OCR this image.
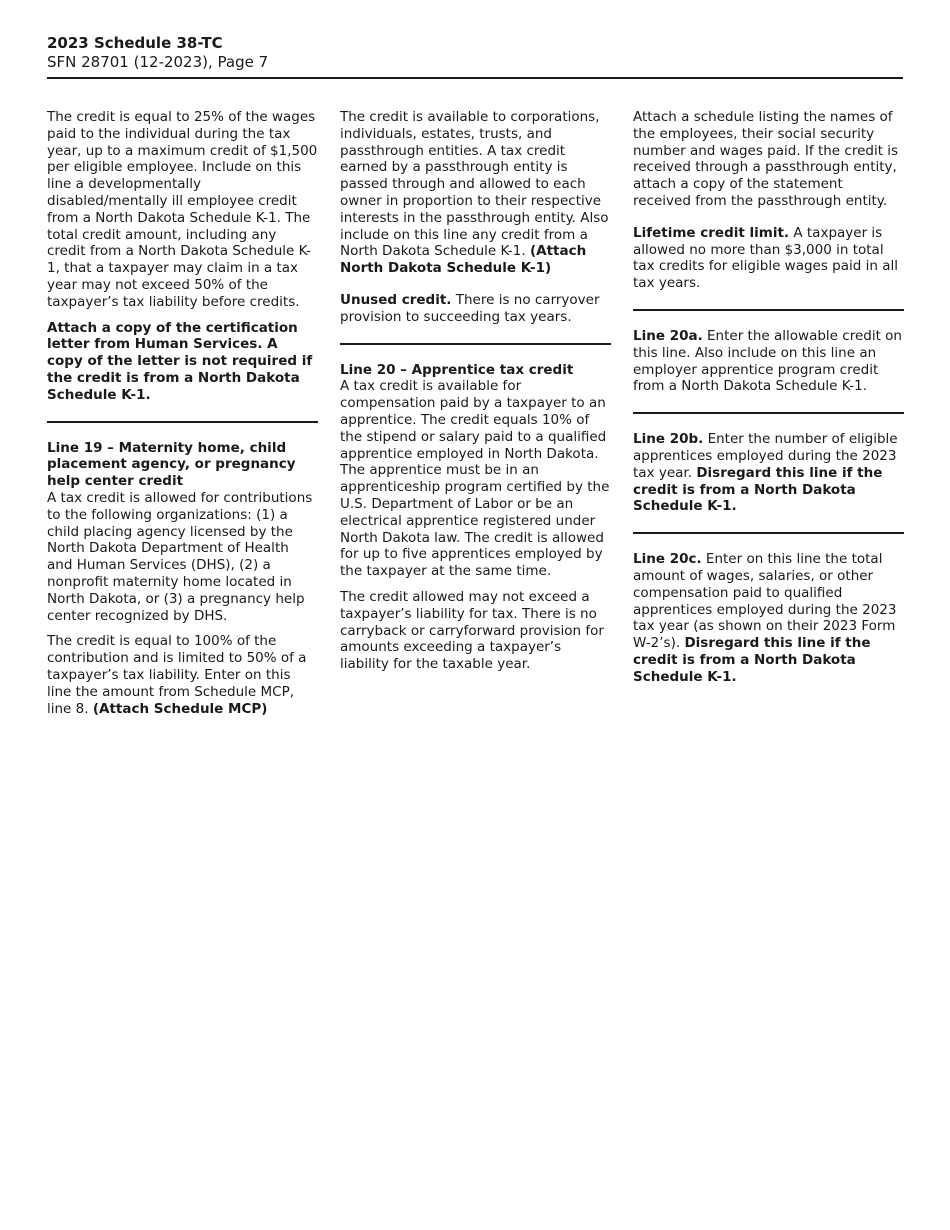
2023 Schedule 38-TC
SFN 28701 (12-2023), Page 7

The credit is equal to 25% of the wages paid to the individual during the tax year, up to a maximum credit of $1,500 per eligible employee. Include on this line a developmentally disabled/mentally ill employee credit from a North Dakota Schedule K-1. The total credit amount, including any credit from a North Dakota Schedule K-1, that a taxpayer may claim in a tax year may not exceed 50% of the taxpayer’s tax liability before credits.

Attach a copy of the certification letter from Human Services. A copy of the letter is not required if the credit is from a North Dakota Schedule K-1.

Line 19 – Maternity home, child placement agency, or pregnancy help center credit

A tax credit is allowed for contributions to the following organizations: (1) a child placing agency licensed by the North Dakota Department of Health and Human Services (DHS), (2) a nonprofit maternity home located in North Dakota, or (3) a pregnancy help center recognized by DHS.

The credit is equal to 100% of the contribution and is limited to 50% of a taxpayer’s tax liability. Enter on this line the amount from Schedule MCP, line 8. (Attach Schedule MCP)

The credit is available to corporations, individuals, estates, trusts, and passthrough entities. A tax credit earned by a passthrough entity is passed through and allowed to each owner in proportion to their respective interests in the passthrough entity. Also include on this line any credit from a North Dakota Schedule K-1. (Attach North Dakota Schedule K-1)

Unused credit. There is no carryover provision to succeeding tax years.

Line 20 – Apprentice tax credit

A tax credit is available for compensation paid by a taxpayer to an apprentice. The credit equals 10% of the stipend or salary paid to a qualified apprentice employed in North Dakota. The apprentice must be in an apprenticeship program certified by the U.S. Department of Labor or be an electrical apprentice registered under North Dakota law. The credit is allowed for up to five apprentices employed by the taxpayer at the same time.

The credit allowed may not exceed a taxpayer’s liability for tax. There is no carryback or carryforward provision for amounts exceeding a taxpayer’s liability for the taxable year.

Attach a schedule listing the names of the employees, their social security number and wages paid. If the credit is received through a passthrough entity, attach a copy of the statement received from the passthrough entity.

Lifetime credit limit. A taxpayer is allowed no more than $3,000 in total tax credits for eligible wages paid in all tax years.

Line 20a. Enter the allowable credit on this line. Also include on this line an employer apprentice program credit from a North Dakota Schedule K-1.

Line 20b. Enter the number of eligible apprentices employed during the 2023 tax year. Disregard this line if the credit is from a North Dakota Schedule K-1.

Line 20c. Enter on this line the total amount of wages, salaries, or other compensation paid to qualified apprentices employed during the 2023 tax year (as shown on their 2023 Form W-2’s). Disregard this line if the credit is from a North Dakota Schedule K-1.
